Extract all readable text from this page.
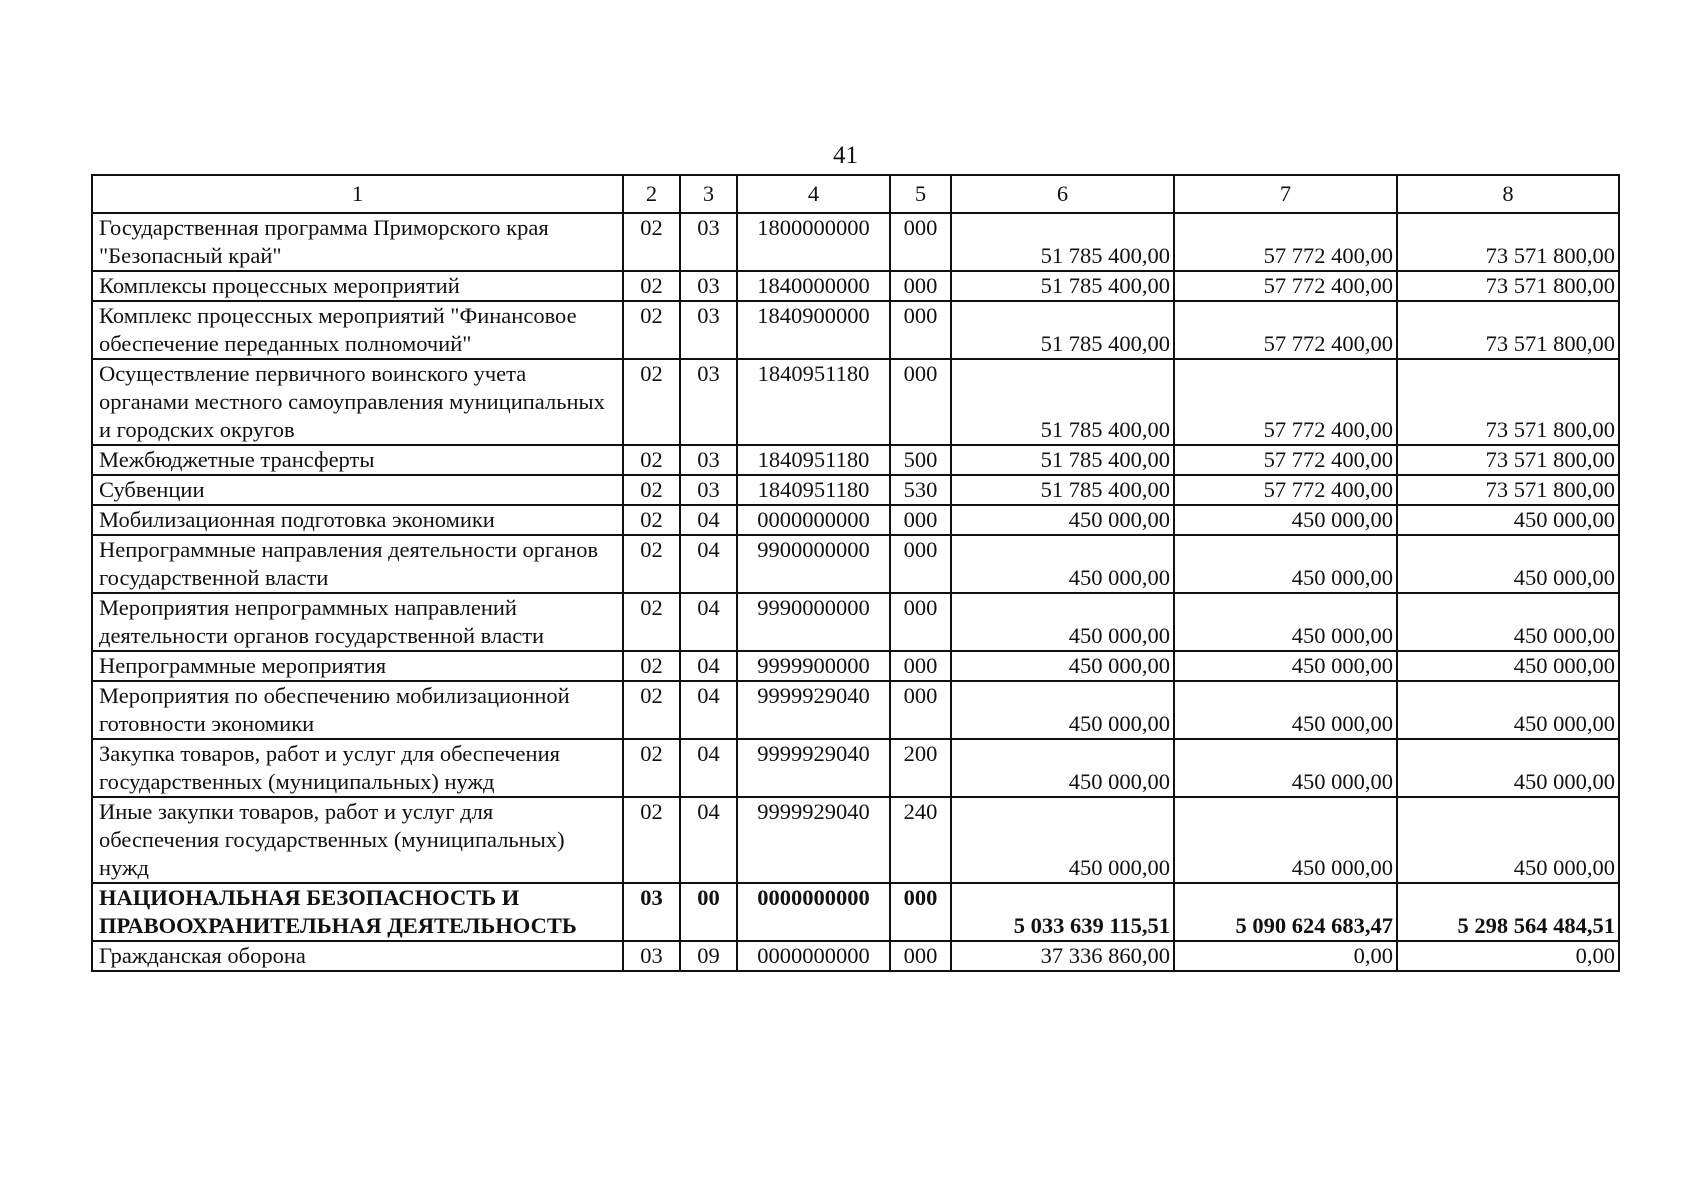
41
1	2	3	4	5	6	7	8
Государственная программа Приморского края "Безопасный край"	02	03	1800000000	000	51 785 400,00	57 772 400,00	73 571 800,00
Комплексы процессных мероприятий	02	03	1840000000	000	51 785 400,00	57 772 400,00	73 571 800,00
Комплекс процессных мероприятий "Финансовое обеспечение переданных полномочий"	02	03	1840900000	000	51 785 400,00	57 772 400,00	73 571 800,00
Осуществление первичного воинского учета органами местного самоуправления муниципальных и городских округов	02	03	1840951180	000	51 785 400,00	57 772 400,00	73 571 800,00
Межбюджетные трансферты	02	03	1840951180	500	51 785 400,00	57 772 400,00	73 571 800,00
Субвенции	02	03	1840951180	530	51 785 400,00	57 772 400,00	73 571 800,00
Мобилизационная подготовка экономики	02	04	0000000000	000	450 000,00	450 000,00	450 000,00
Непрограммные направления деятельности органов государственной власти	02	04	9900000000	000	450 000,00	450 000,00	450 000,00
Мероприятия непрограммных направлений деятельности органов государственной власти	02	04	9990000000	000	450 000,00	450 000,00	450 000,00
Непрограммные мероприятия	02	04	9999900000	000	450 000,00	450 000,00	450 000,00
Мероприятия по обеспечению мобилизационной готовности экономики	02	04	9999929040	000	450 000,00	450 000,00	450 000,00
Закупка товаров, работ и услуг для обеспечения государственных (муниципальных) нужд	02	04	9999929040	200	450 000,00	450 000,00	450 000,00
Иные закупки товаров, работ и услуг для обеспечения государственных (муниципальных) нужд	02	04	9999929040	240	450 000,00	450 000,00	450 000,00
НАЦИОНАЛЬНАЯ БЕЗОПАСНОСТЬ И ПРАВООХРАНИТЕЛЬНАЯ ДЕЯТЕЛЬНОСТЬ	03	00	0000000000	000	5 033 639 115,51	5 090 624 683,47	5 298 564 484,51
Гражданская оборона	03	09	0000000000	000	37 336 860,00	0,00	0,00
